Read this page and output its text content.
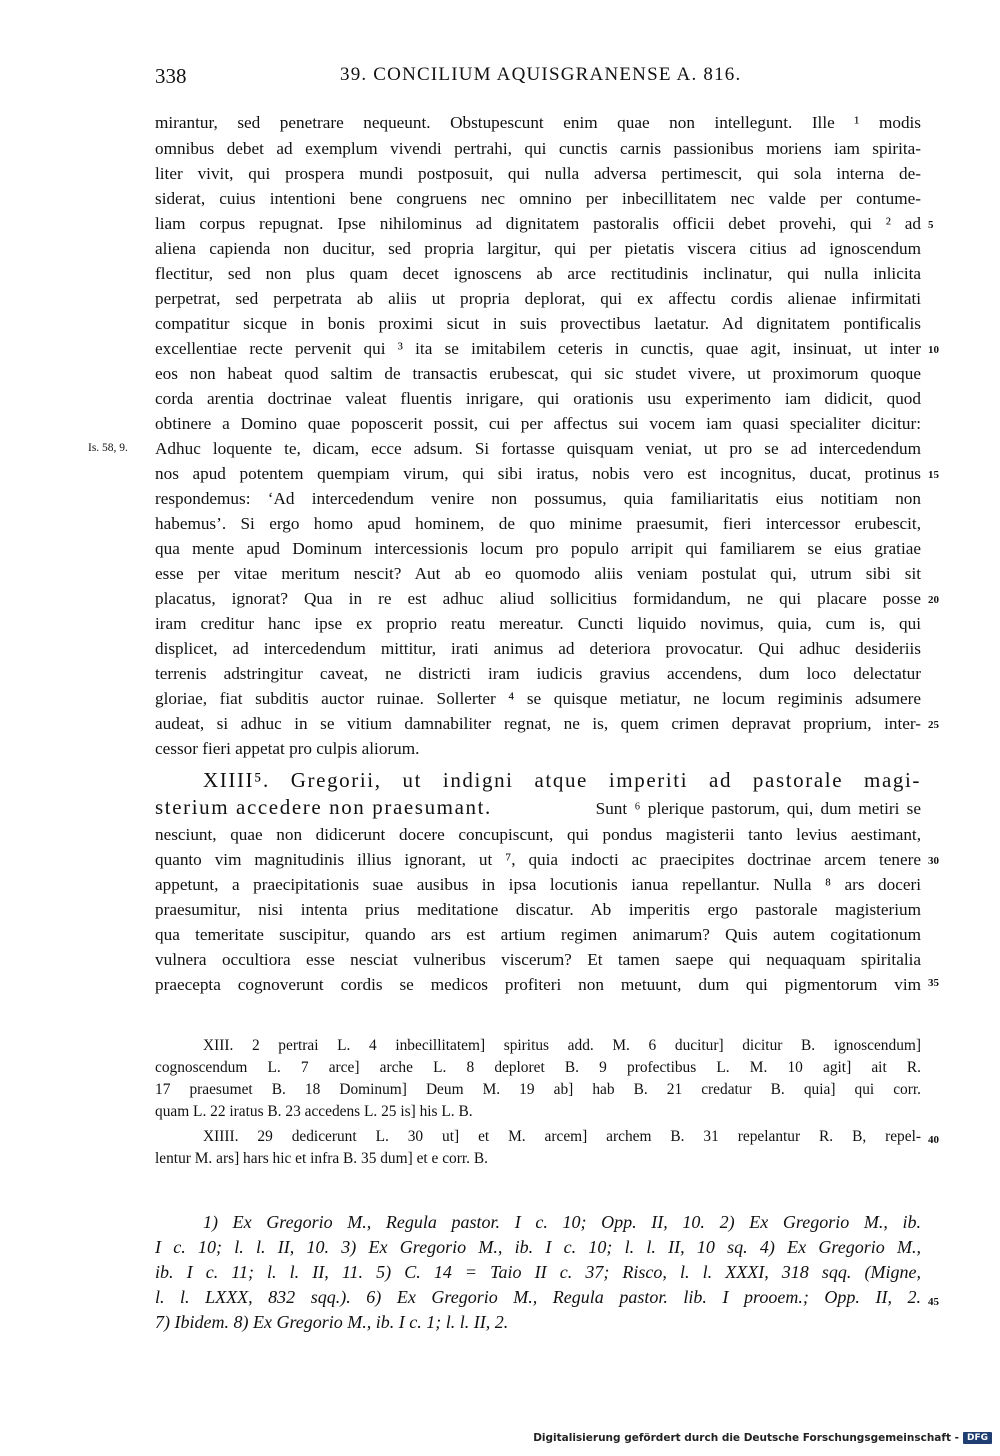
338	39. CONCILIUM AQUISGRANENSE A. 816.
mirantur, sed penetrare nequeunt. Obstupescunt enim quae non intellegunt. Ille ¹ modis
omnibus debet ad exemplum vivendi pertrahi, qui cunctis carnis passionibus moriens iam spirita-
liter vivit, qui prospera mundi postposuit, qui nulla adversa pertimescit, qui sola interna de-
siderat, cuius intentioni bene congruens nec omnino per inbecillitatem nec valde per contume-
liam corpus repugnat. Ipse nihilominus ad dignitatem pastoralis officii debet provehi, qui ² ad
aliena capienda non ducitur, sed propria largitur, qui per pietatis viscera citius ad ignoscendum
flectitur, sed non plus quam decet ignoscens ab arce rectitudinis inclinatur, qui nulla inlicita
perpetrat, sed perpetrata ab aliis ut propria deplorat, qui ex affectu cordis alienae infirmitati
compatitur sicque in bonis proximi sicut in suis provectibus laetatur. Ad dignitatem pontificalis
excellentiae recte pervenit qui ³ ita se imitabilem ceteris in cunctis, quae agit, insinuat, ut inter
eos non habeat quod saltim de transactis erubescat, qui sic studet vivere, ut proximorum quoque
corda arentia doctrinae valeat fluentis inrigare, qui orationis usu experimento iam didicit, quod
obtinere a Domino quae poposcerit possit, cui per affectus sui vocem iam quasi specialiter dicitur:
Adhuc loquente te, dicam, ecce adsum. Si fortasse quisquam veniat, ut pro se ad intercedendum
nos apud potentem quempiam virum, qui sibi iratus, nobis vero est incognitus, ducat, protinus
respondemus: ‘Ad intercedendum venire non possumus, quia familiaritatis eius notitiam non
habemus’. Si ergo homo apud hominem, de quo minime praesumit, fieri intercessor erubescit,
qua mente apud Dominum intercessionis locum pro populo arripit qui familiarem se eius gratiae
esse per vitae meritum nescit? Aut ab eo quomodo aliis veniam postulat qui, utrum sibi sit
placatus, ignorat? Qua in re est adhuc aliud sollicitius formidandum, ne qui placare posse
iram creditur hanc ipse ex proprio reatu mereatur. Cuncti liquido novimus, quia, cum is, qui
displicet, ad intercedendum mittitur, irati animus ad deteriora provocatur. Qui adhuc desideriis
terrenis adstringitur caveat, ne districti iram iudicis gravius accendens, dum loco delectatur
gloriae, fiat subditis auctor ruinae. Sollerter ⁴ se quisque metiatur, ne locum regiminis adsumere
audeat, si adhuc in se vitium damnabiliter regnat, ne is, quem crimen depravat proprium, inter-
cessor fieri appetat pro culpis aliorum.
Is. 58, 9.
5
10
15
20
25
30
35
40
45
XIIII⁵. Gregorii, ut indigni atque imperiti ad pastorale magi-
sterium accedere non praesumant.	Sunt ⁶ plerique pastorum, qui, dum metiri se
nesciunt, quae non didicerunt docere concupiscunt, qui pondus magisterii tanto levius aestimant,
quanto vim magnitudinis illius ignorant, ut ⁷, quia indocti ac praecipites doctrinae arcem tenere
appetunt, a praecipitationis suae ausibus in ipsa locutionis ianua repellantur. Nulla ⁸ ars doceri
praesumitur, nisi intenta prius meditatione discatur. Ab imperitis ergo pastorale magisterium
qua temeritate suscipitur, quando ars est artium regimen animarum? Quis autem cogitationum
vulnera occultiora esse nesciat vulneribus viscerum? Et tamen saepe qui nequaquam spiritalia
praecepta cognoverunt cordis se medicos profiteri non metuunt, dum qui pigmentorum vim
XIII. 2 pertrai L. 4 inbecillitatem] spiritus add. M. 6 ducitur] dicitur B. ignoscendum]
cognoscendum L. 7 arce] arche L. 8 deploret B. 9 profectibus L. M. 10 agit] ait R.
17 praesumet B. 18 Dominum] Deum M. 19 ab] hab B. 21 credatur B. quia] qui corr.
quam L. 22 iratus B. 23 accedens L. 25 is] his L. B.
XIIII. 29 dedicerunt L. 30 ut] et M. arcem] archem B. 31 repelantur R. B, repel-
lentur M. ars] hars hic et infra B. 35 dum] et e corr. B.
1) Ex Gregorio M., Regula pastor. I c. 10; Opp. II, 10. 2) Ex Gregorio M., ib.
I c. 10; l. l. II, 10. 3) Ex Gregorio M., ib. I c. 10; l. l. II, 10 sq. 4) Ex Gregorio M.,
ib. I c. 11; l. l. II, 11. 5) C. 14 = Taio II c. 37; Risco, l. l. XXXI, 318 sqq. (Migne,
l. l. LXXX, 832 sqq.). 6) Ex Gregorio M., Regula pastor. lib. I prooem.; Opp. II, 2.
7) Ibidem. 8) Ex Gregorio M., ib. I c. 1; l. l. II, 2.
Digitalisierung gefördert durch die Deutsche Forschungsgemeinschaft - DFG
